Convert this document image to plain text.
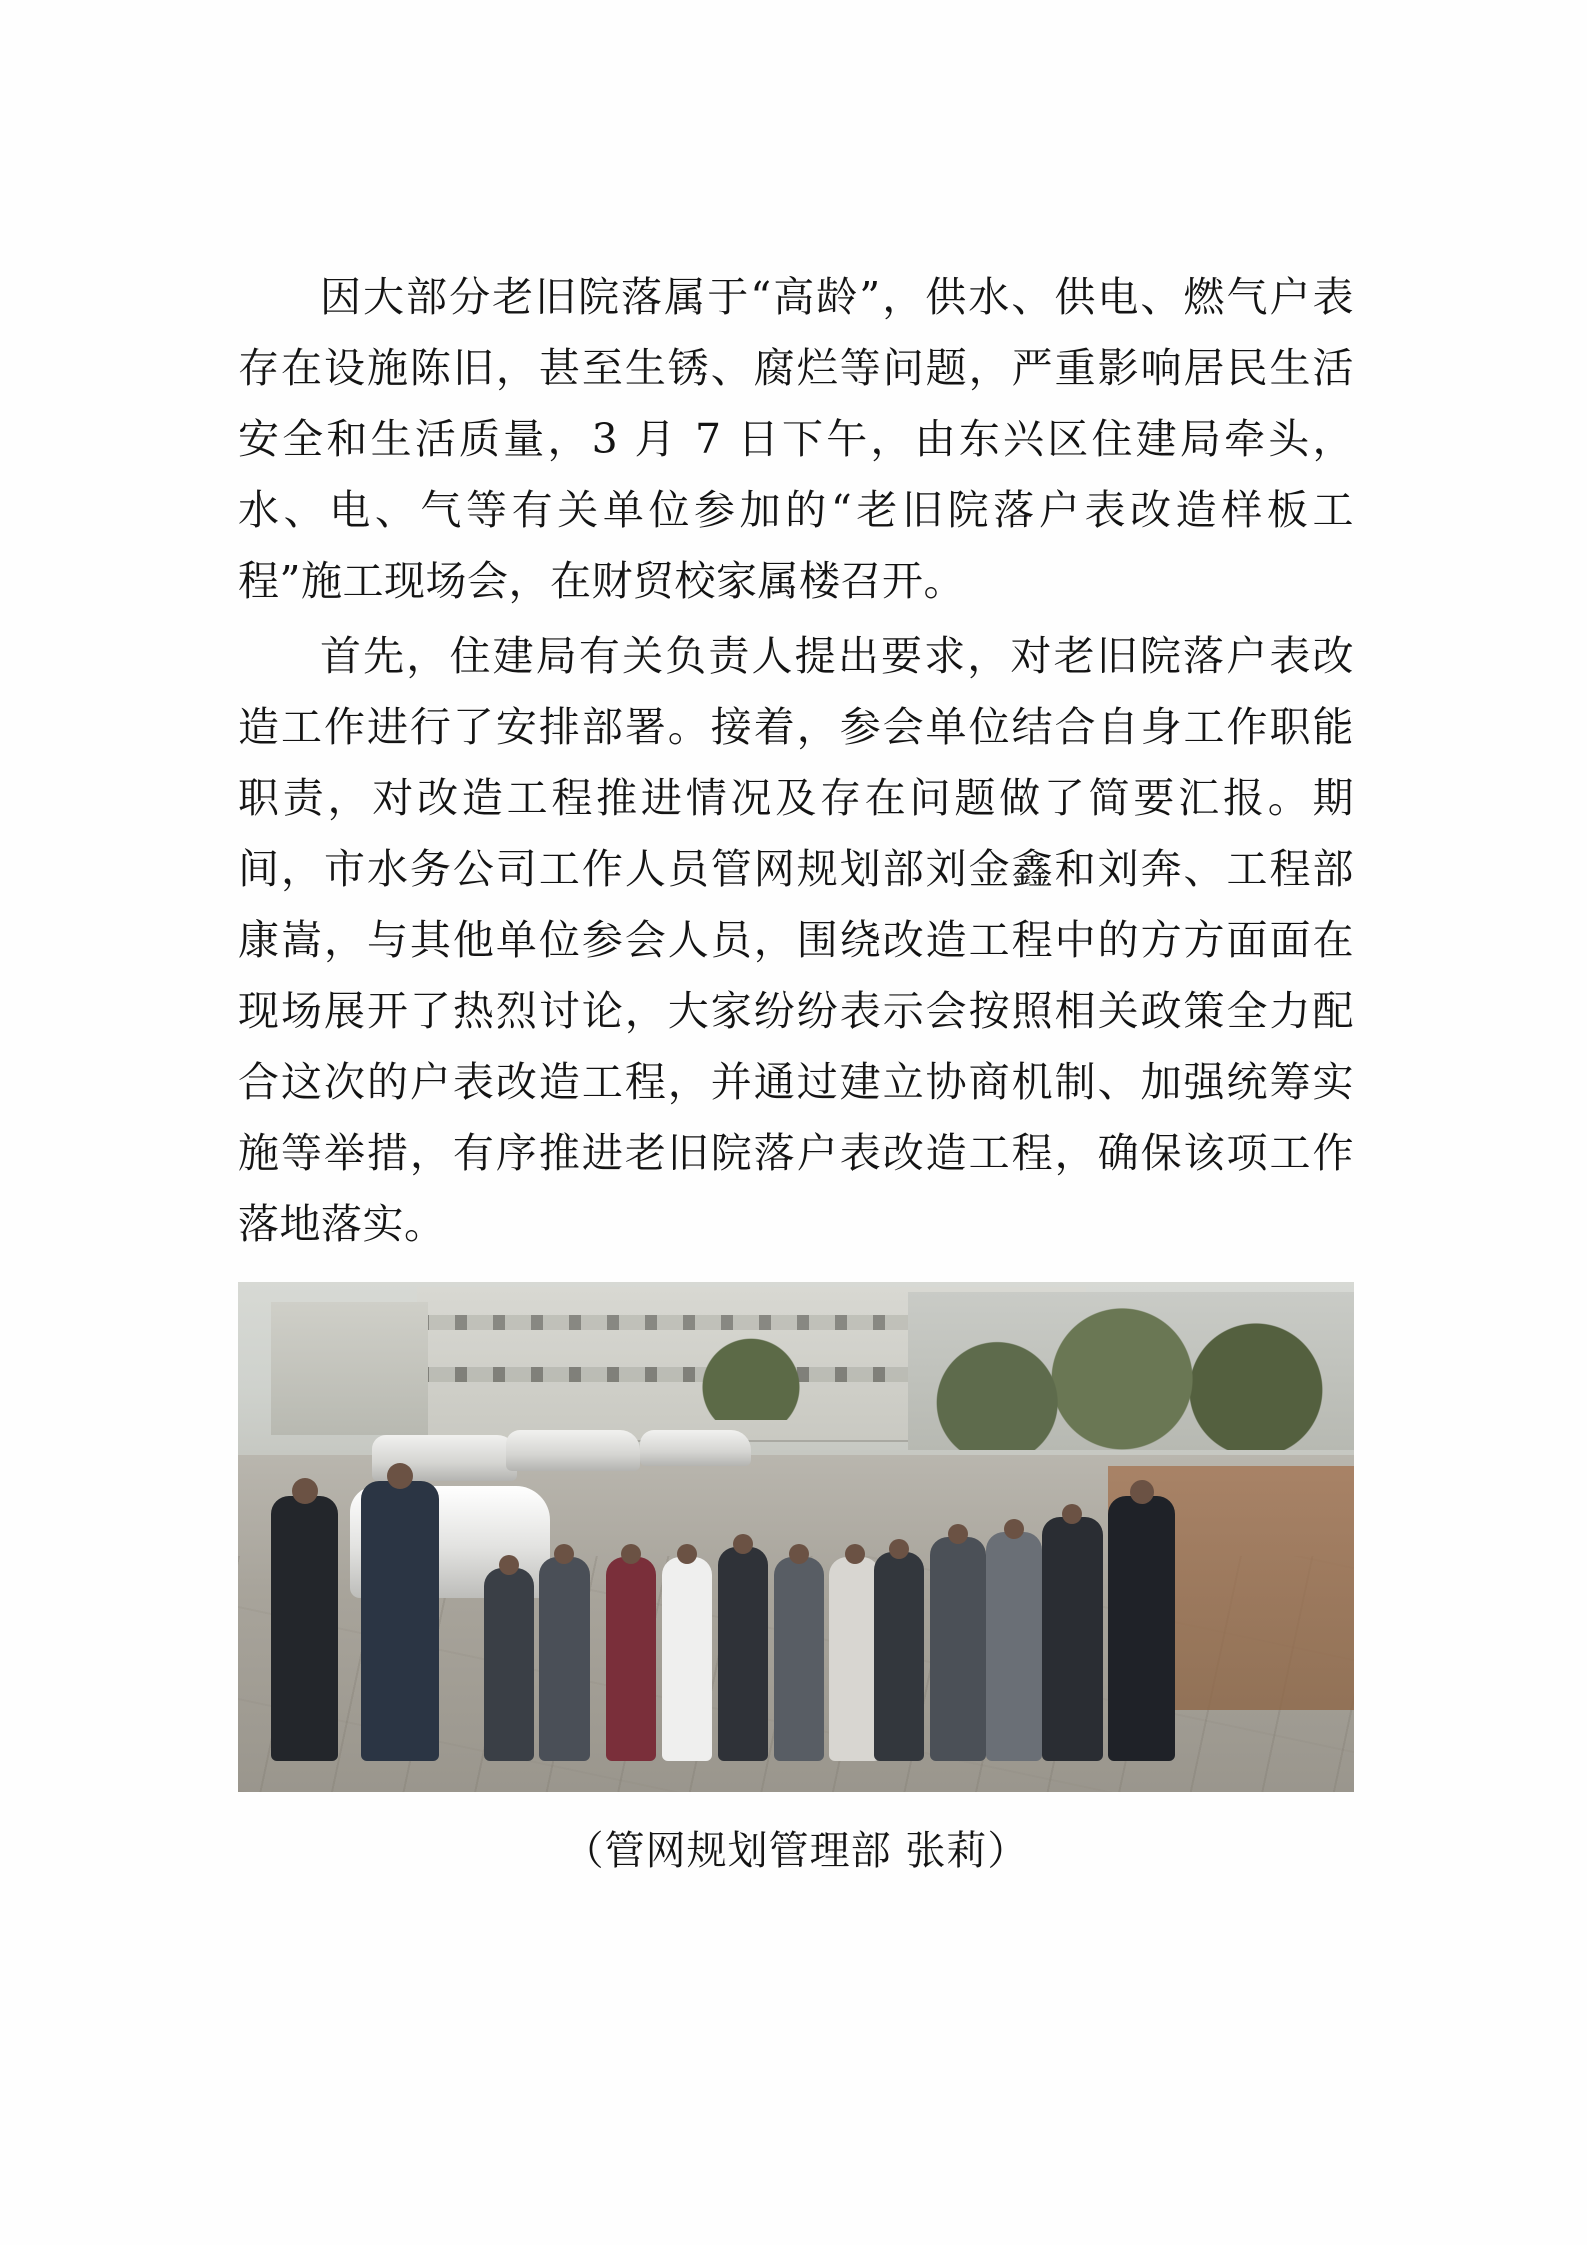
因大部分老旧院落属于“高龄”，供水、供电、燃气户表存在设施陈旧，甚至生锈、腐烂等问题，严重影响居民生活安全和生活质量，3 月 7 日下午，由东兴区住建局牵头，水、电、气等有关单位参加的“老旧院落户表改造样板工程”施工现场会，在财贸校家属楼召开。

首先，住建局有关负责人提出要求，对老旧院落户表改造工作进行了安排部署。接着，参会单位结合自身工作职能职责，对改造工程推进情况及存在问题做了简要汇报。期间，市水务公司工作人员管网规划部刘金鑫和刘奔、工程部康嵩，与其他单位参会人员，围绕改造工程中的方方面面在现场展开了热烈讨论，大家纷纷表示会按照相关政策全力配合这次的户表改造工程，并通过建立协商机制、加强统筹实施等举措，有序推进老旧院落户表改造工程，确保该项工作落地落实。

（管网规划管理部 张莉）
